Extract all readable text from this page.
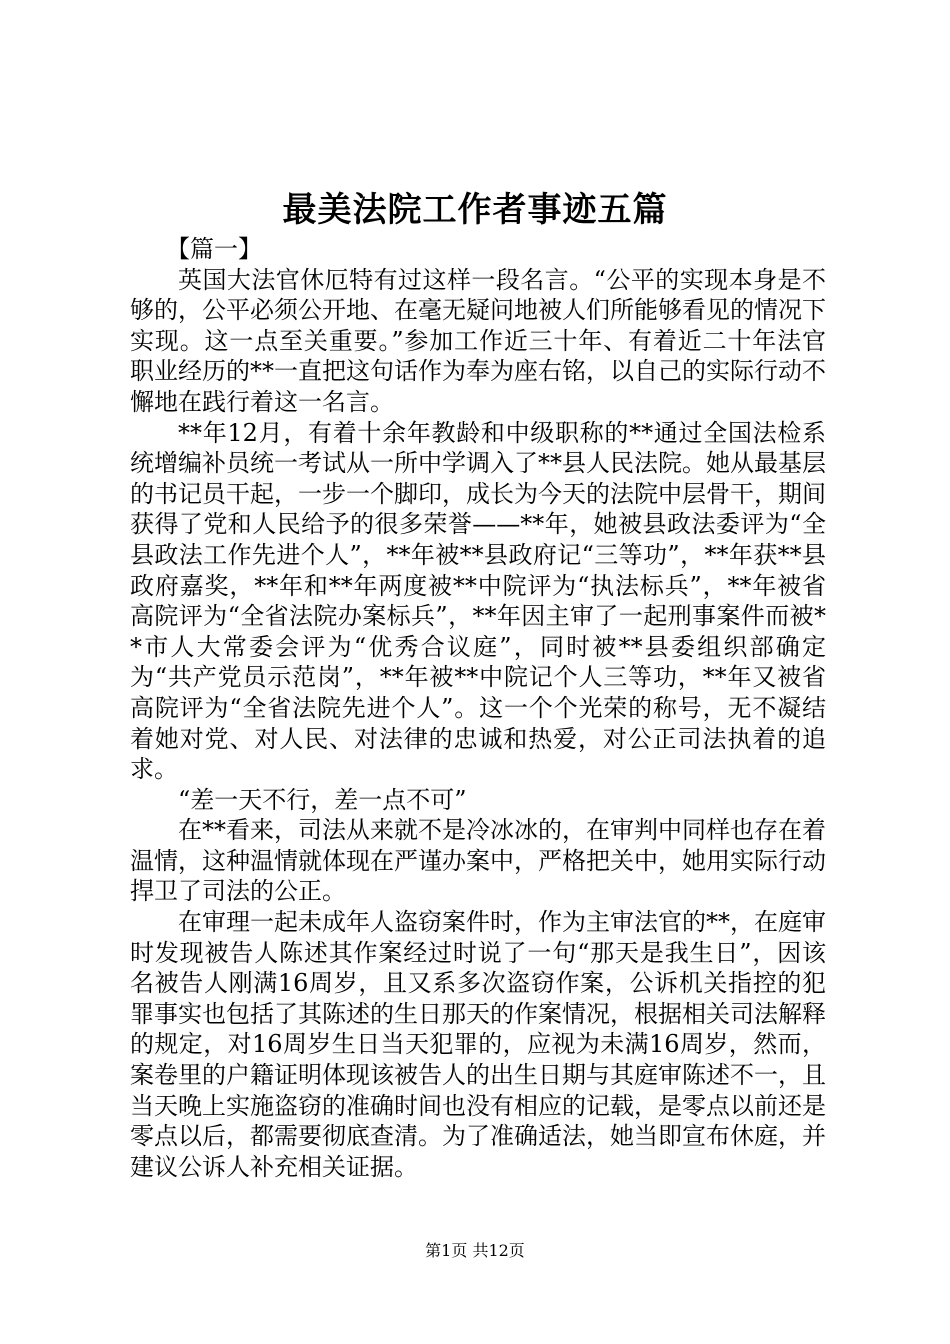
最美法院工作者事迹五篇

【篇一】

英国大法官休厄特有过这样一段名言。“公平的实现本身是不够的，公平必须公开地、在毫无疑问地被人们所能够看见的情况下实现。这一点至关重要。”参加工作近三十年、有着近二十年法官职业经历的**一直把这句话作为奉为座右铭，以自己的实际行动不懈地在践行着这一名言。

**年12月，有着十余年教龄和中级职称的**通过全国法检系统增编补员统一考试从一所中学调入了**县人民法院。她从最基层的书记员干起，一步一个脚印，成长为今天的法院中层骨干，期间获得了党和人民给予的很多荣誉——**年，她被县政法委评为“全县政法工作先进个人”，**年被**县政府记“三等功”，**年获**县政府嘉奖，**年和**年两度被**中院评为“执法标兵”，**年被省高院评为“全省法院办案标兵”，**年因主审了一起刑事案件而被**市人大常委会评为“优秀合议庭”，同时被**县委组织部确定为“共产党员示范岗”，**年被**中院记个人三等功，**年又被省高院评为“全省法院先进个人”。这一个个光荣的称号，无不凝结着她对党、对人民、对法律的忠诚和热爱，对公正司法执着的追求。

“差一天不行，差一点不可”

在**看来，司法从来就不是冷冰冰的，在审判中同样也存在着温情，这种温情就体现在严谨办案中，严格把关中，她用实际行动捍卫了司法的公正。

在审理一起未成年人盗窃案件时，作为主审法官的**，在庭审时发现被告人陈述其作案经过时说了一句“那天是我生日”，因该名被告人刚满16周岁，且又系多次盗窃作案，公诉机关指控的犯罪事实也包括了其陈述的生日那天的作案情况，根据相关司法解释的规定，对16周岁生日当天犯罪的，应视为未满16周岁，然而，案卷里的户籍证明体现该被告人的出生日期与其庭审陈述不一，且当天晚上实施盗窃的准确时间也没有相应的记载，是零点以前还是零点以后，都需要彻底查清。为了准确适法，她当即宣布休庭，并建议公诉人补充相关证据。

第1页 共12页
